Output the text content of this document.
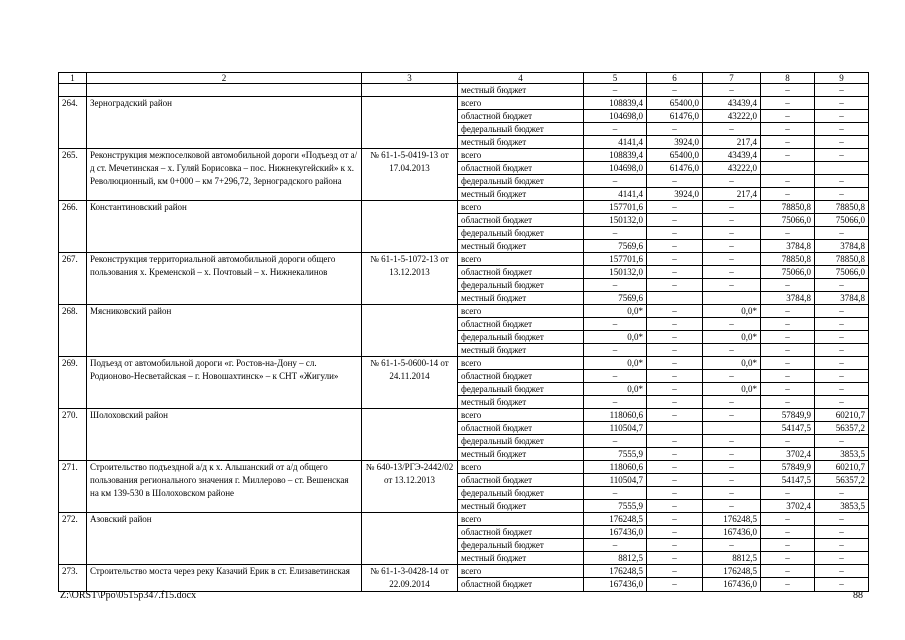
1	2	3	4	5	6	7	8	9
			местный бюджет	–	–	–	–	–
264.	Зерноградский район		всего	108839,4	65400,0	43439,4	–	–
			областной бюджет	104698,0	61476,0	43222,0	–	–
			федеральный бюджет	–	–	–	–	–
			местный бюджет	4141,4	3924,0	217,4	–	–
265.	Реконструкция межпоселковой автомобильной дороги «Подъезд от а/д ст. Мечетинская – х. Гуляй Борисовка – пос. Нижнекугейский» к х. Революционный, км 0+000 – км 7+296,72, Зерноградского района	№ 61-1-5-0419-13 от 17.04.2013	всего	108839,4	65400,0	43439,4	–	–
			областной бюджет	104698,0	61476,0	43222,0		
			федеральный бюджет	–	–	–	–	–
			местный бюджет	4141,4	3924,0	217,4	–	–
266.	Константиновский район		всего	157701,6	–	–	78850,8	78850,8
			областной бюджет	150132,0	–	–	75066,0	75066,0
			федеральный бюджет	–	–	–	–	–
			местный бюджет	7569,6	–	–	3784,8	3784,8
267.	Реконструкция территориальной автомобильной дороги общего пользования х. Кременской – х. Почтовый – х. Нижнекалинов	№ 61-1-5-1072-13 от 13.12.2013	всего	157701,6	–	–	78850,8	78850,8
			областной бюджет	150132,0	–	–	75066,0	75066,0
			федеральный бюджет	–	–	–	–	–
			местный бюджет	7569,6			3784,8	3784,8
268.	Мясниковский район		всего	0,0*	–	0,0*	–	–
			областной бюджет	–	–	–	–	–
			федеральный бюджет	0,0*	–	0,0*	–	–
			местный бюджет	–	–	–	–	–
269.	Подъезд от автомобильной дороги «г. Ростов-на-Дону – сл. Родионово-Несветайская – г. Новошахтинск» – к СНТ «Жигули»	№ 61-1-5-0600-14 от 24.11.2014	всего	0,0*	–	0,0*	–	–
			областной бюджет	–	–	–	–	–
			федеральный бюджет	0,0*	–	0,0*	–	–
			местный бюджет	–	–	–	–	–
270.	Шолоховский район		всего	118060,6	–	–	57849,9	60210,7
			областной бюджет	110504,7			54147,5	56357,2
			федеральный бюджет	–	–	–	–	–
			местный бюджет	7555,9	–	–	3702,4	3853,5
271.	Строительство подъездной а/д к х. Альшанский от а/д общего пользования регионального значения г. Миллерово – ст. Вешенская на км 139-530 в Шолоховском районе	№ 640-13/РГЭ-2442/02 от 13.12.2013	всего	118060,6	–	–	57849,9	60210,7
			областной бюджет	110504,7	–	–	54147,5	56357,2
			федеральный бюджет	–	–	–	–	–
			местный бюджет	7555,9	–	–	3702,4	3853,5
272.	Азовский район		всего	176248,5	–	176248,5	–	–
			областной бюджет	167436,0	–	167436,0	–	–
			федеральный бюджет	–	–	–	–	–
			местный бюджет	8812,5	–	8812,5	–	–
273.	Строительство моста через реку Казачий Ерик в ст. Елизаветинская	№ 61-1-3-0428-14 от 22.09.2014	всего	176248,5	–	176248,5	–	–
			областной бюджет	167436,0	–	167436,0	–	–
Z:\ORST\Ppo\0515p347.f15.docx	88
